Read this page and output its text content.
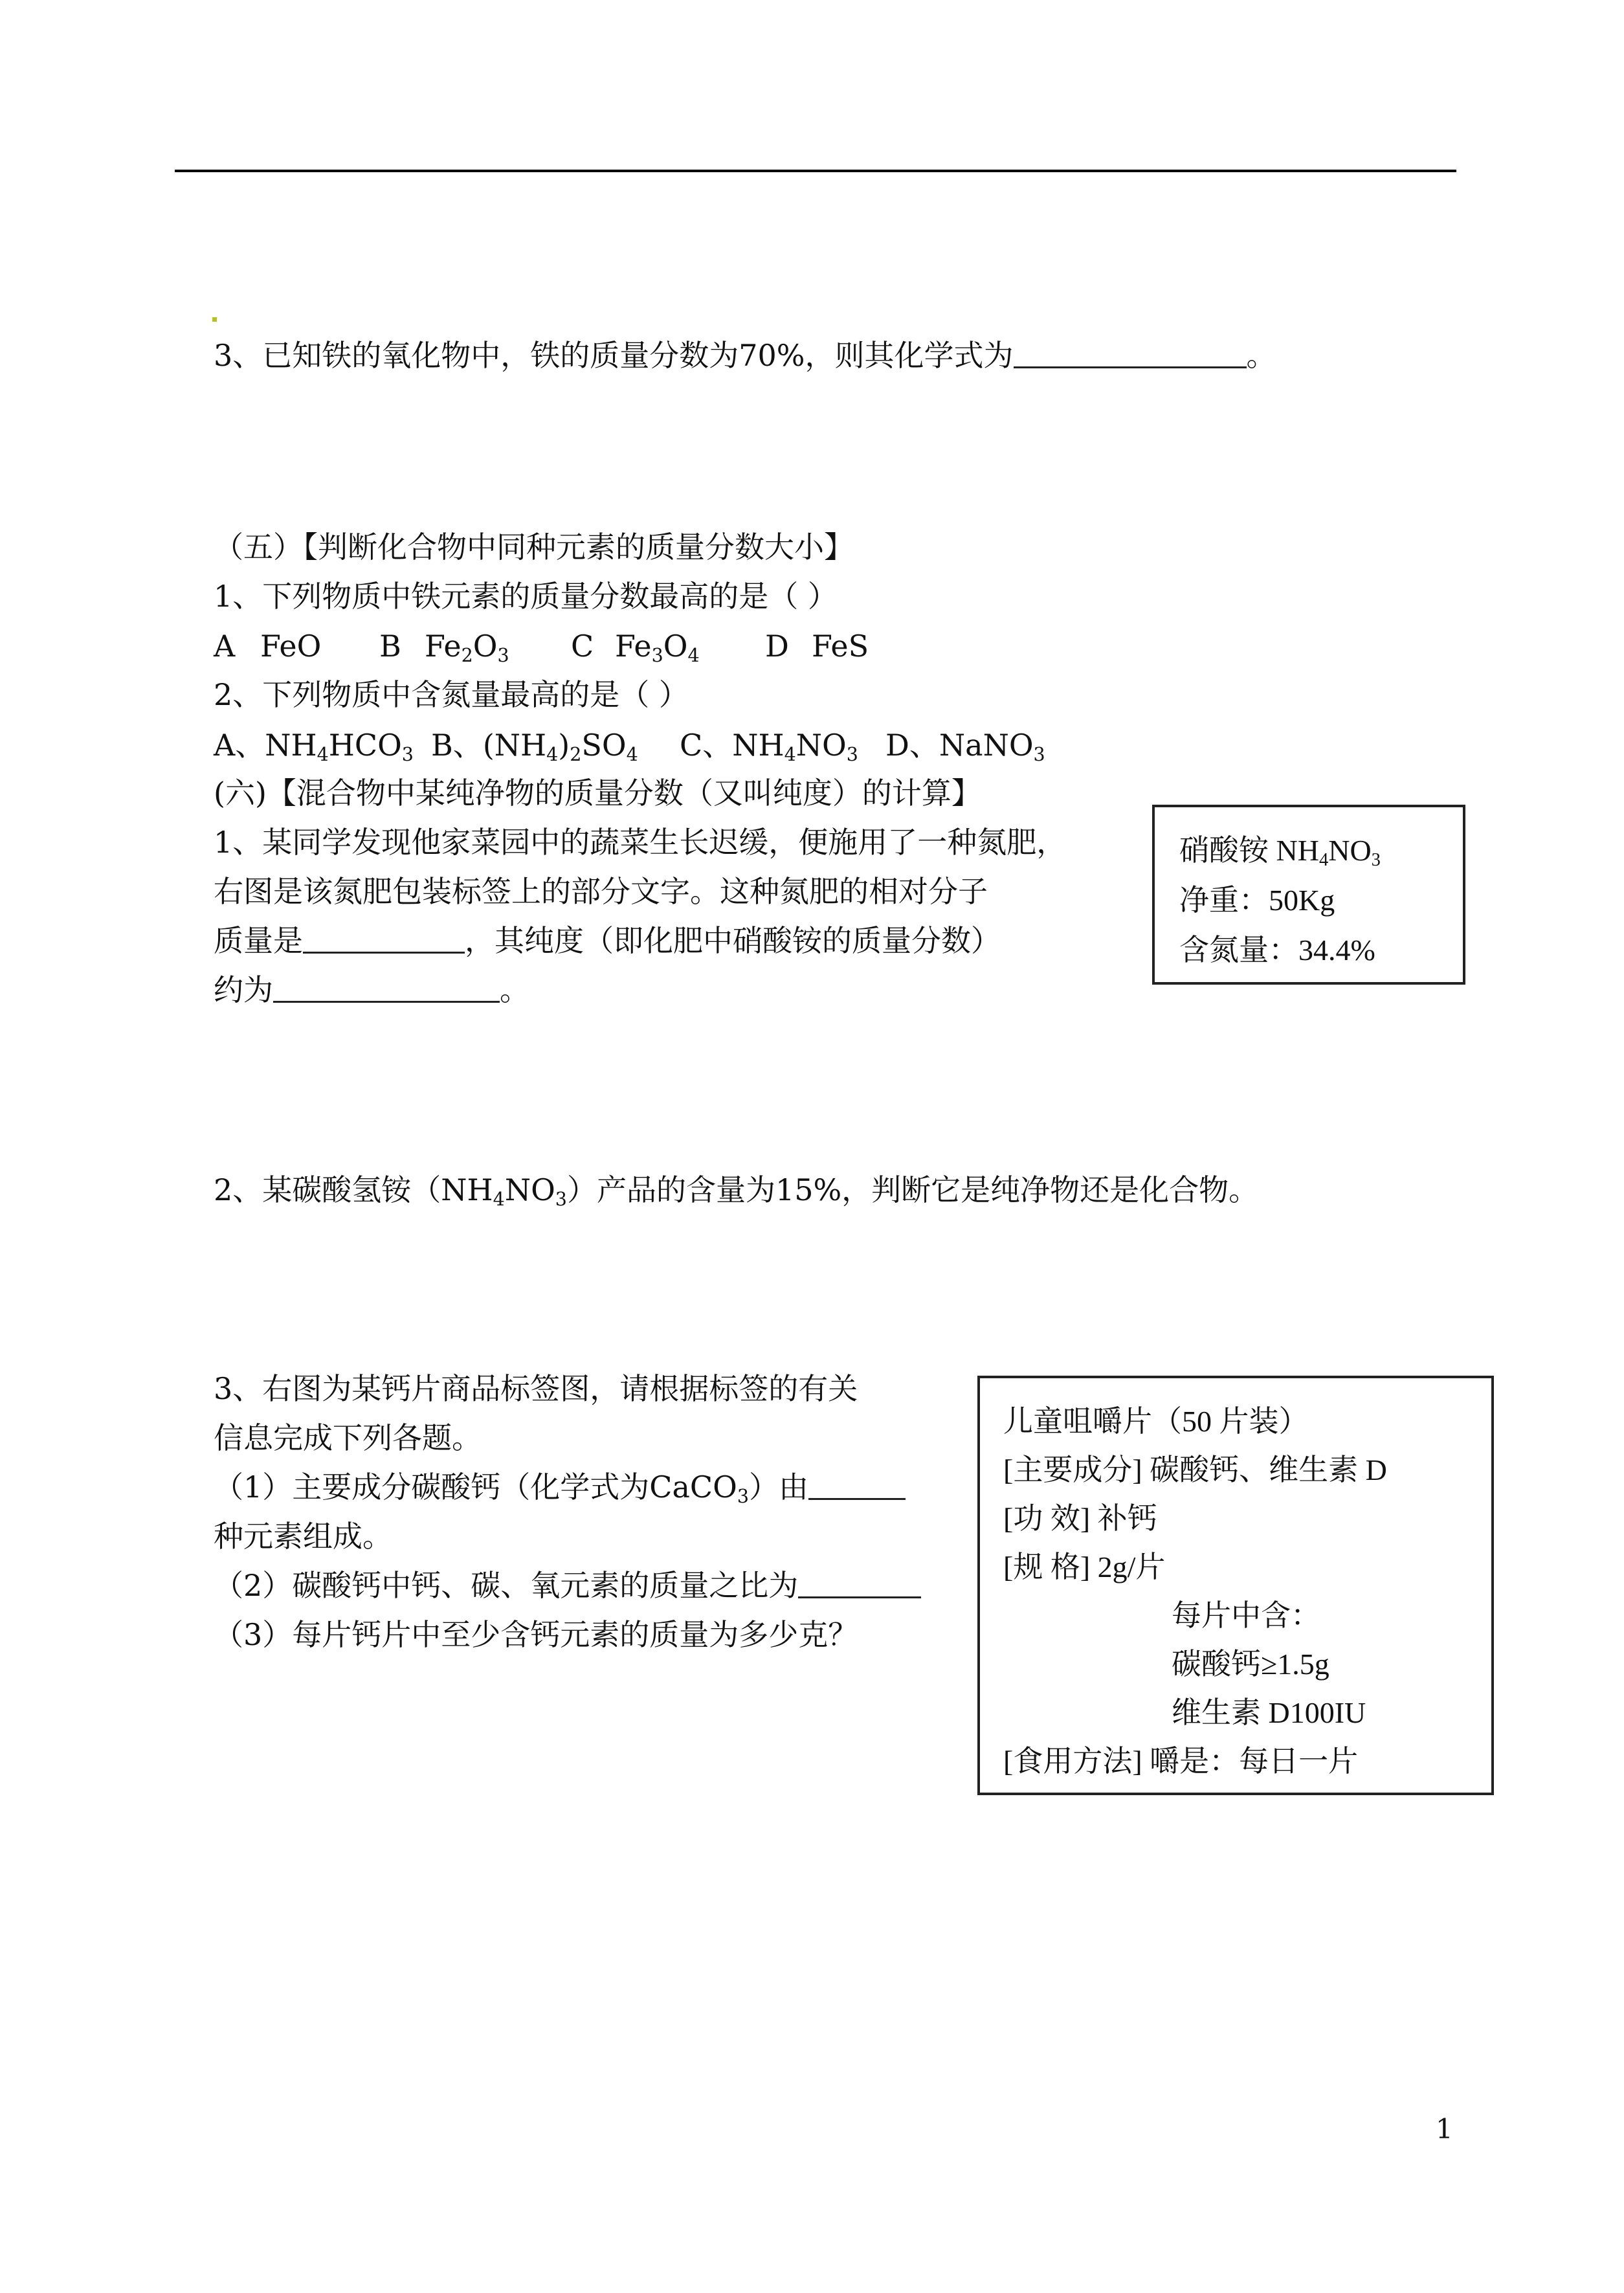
3、已知铁的氧化物中，铁的质量分数为70%，则其化学式为	。
（五）【判断化合物中同种元素的质量分数大小】
1、下列物质中铁元素的质量分数最高的是（ ）
A FeO B $Fe_2O_3$ C $Fe_3O_4$ D FeS
2、下列物质中含氮量最高的是（ ）
A、$NH_4HCO_3$ B、$(NH_4)_2SO_4$ C、$NH_4NO_3$ D、NaNO$_3$
(六)【混合物中某纯净物的质量分数（又叫纯度）的计算】
1、某同学发现他家菜园中的蔬菜生长迟缓，便施用了一种氮肥，
右图是该氮肥包装标签上的部分文字。这种氮肥的相对分子
质量是	，其纯度（即化肥中硝酸铵的质量分数）
约为	。
硝酸铵 $NH_4NO_3$
净重：50Kg
含氮量：34.4%
2、某碳酸氢铵$(NH_4NO_3)$产品的含量为15%，判断它是纯净物还是化合物。
3、右图为某钙片商品标签图，请根据标签的有关
信息完成下列各题。
（1）主要成分碳酸钙（化学式为CaCO$_3$）由
种元素组成。
（2）碳酸钙中钙、碳、氧元素的质量之比为
（3）每片钙片中至少含钙元素的质量为多少克？
儿童咀嚼片（50 片装）
[主要成分] 碳酸钙、维生素 D
[功 效] 补钙
[规 格] 2g/片
每片中含：
碳酸钙≥1.5g
维生素 D100IU
[食用方法] 嚼是：每日一片
1
